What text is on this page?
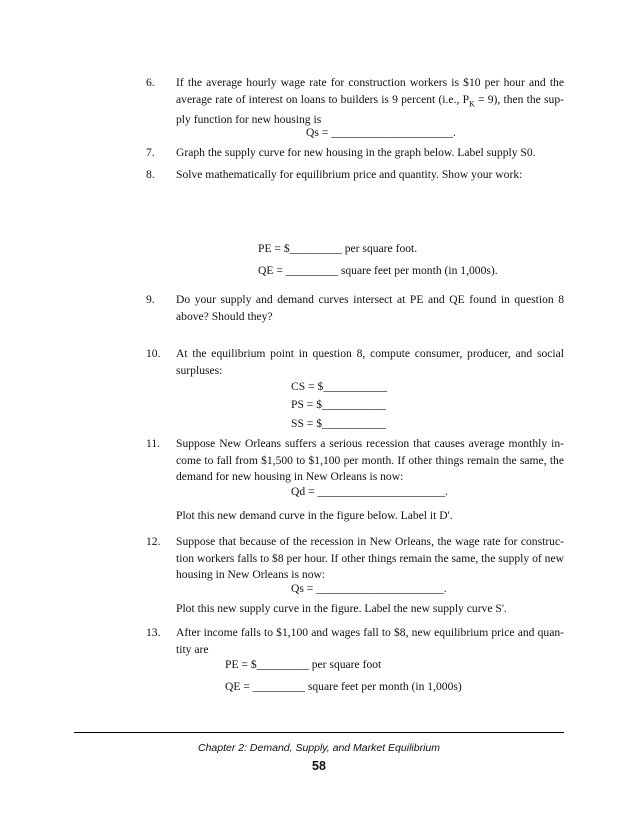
6. If the average hourly wage rate for construction workers is $10 per hour and the
average rate of interest on loans to builders is 9 percent (i.e., $P_K = 9$), then the sup-
ply function for new housing is
Qs = _____________________.
7. Graph the supply curve for new housing in the graph below. Label supply S0.
8. Solve mathematically for equilibrium price and quantity. Show your work:
PE = $_________ per square foot.
QE = _________ square feet per month (in 1,000s).
9. Do your supply and demand curves intersect at PE and QE found in question 8
above? Should they?
10. At the equilibrium point in question 8, compute consumer, producer, and social
surpluses:
CS = $___________
PS = $___________
SS = $___________
11. Suppose New Orleans suffers a serious recession that causes average monthly in-
come to fall from $1,500 to $1,100 per month. If other things remain the same, the
demand for new housing in New Orleans is now:
Qd = ______________________.
Plot this new demand curve in the figure below. Label it D'.
12. Suppose that because of the recession in New Orleans, the wage rate for construc-
tion workers falls to $8 per hour. If other things remain the same, the supply of new
housing in New Orleans is now:
Qs = ______________________.
Plot this new supply curve in the figure. Label the new supply curve S'.
13. After income falls to $1,100 and wages fall to $8, new equilibrium price and quan-
tity are
PE = $_________ per square foot
QE = _________ square feet per month (in 1,000s)
Chapter 2: Demand, Supply, and Market Equilibrium
58
